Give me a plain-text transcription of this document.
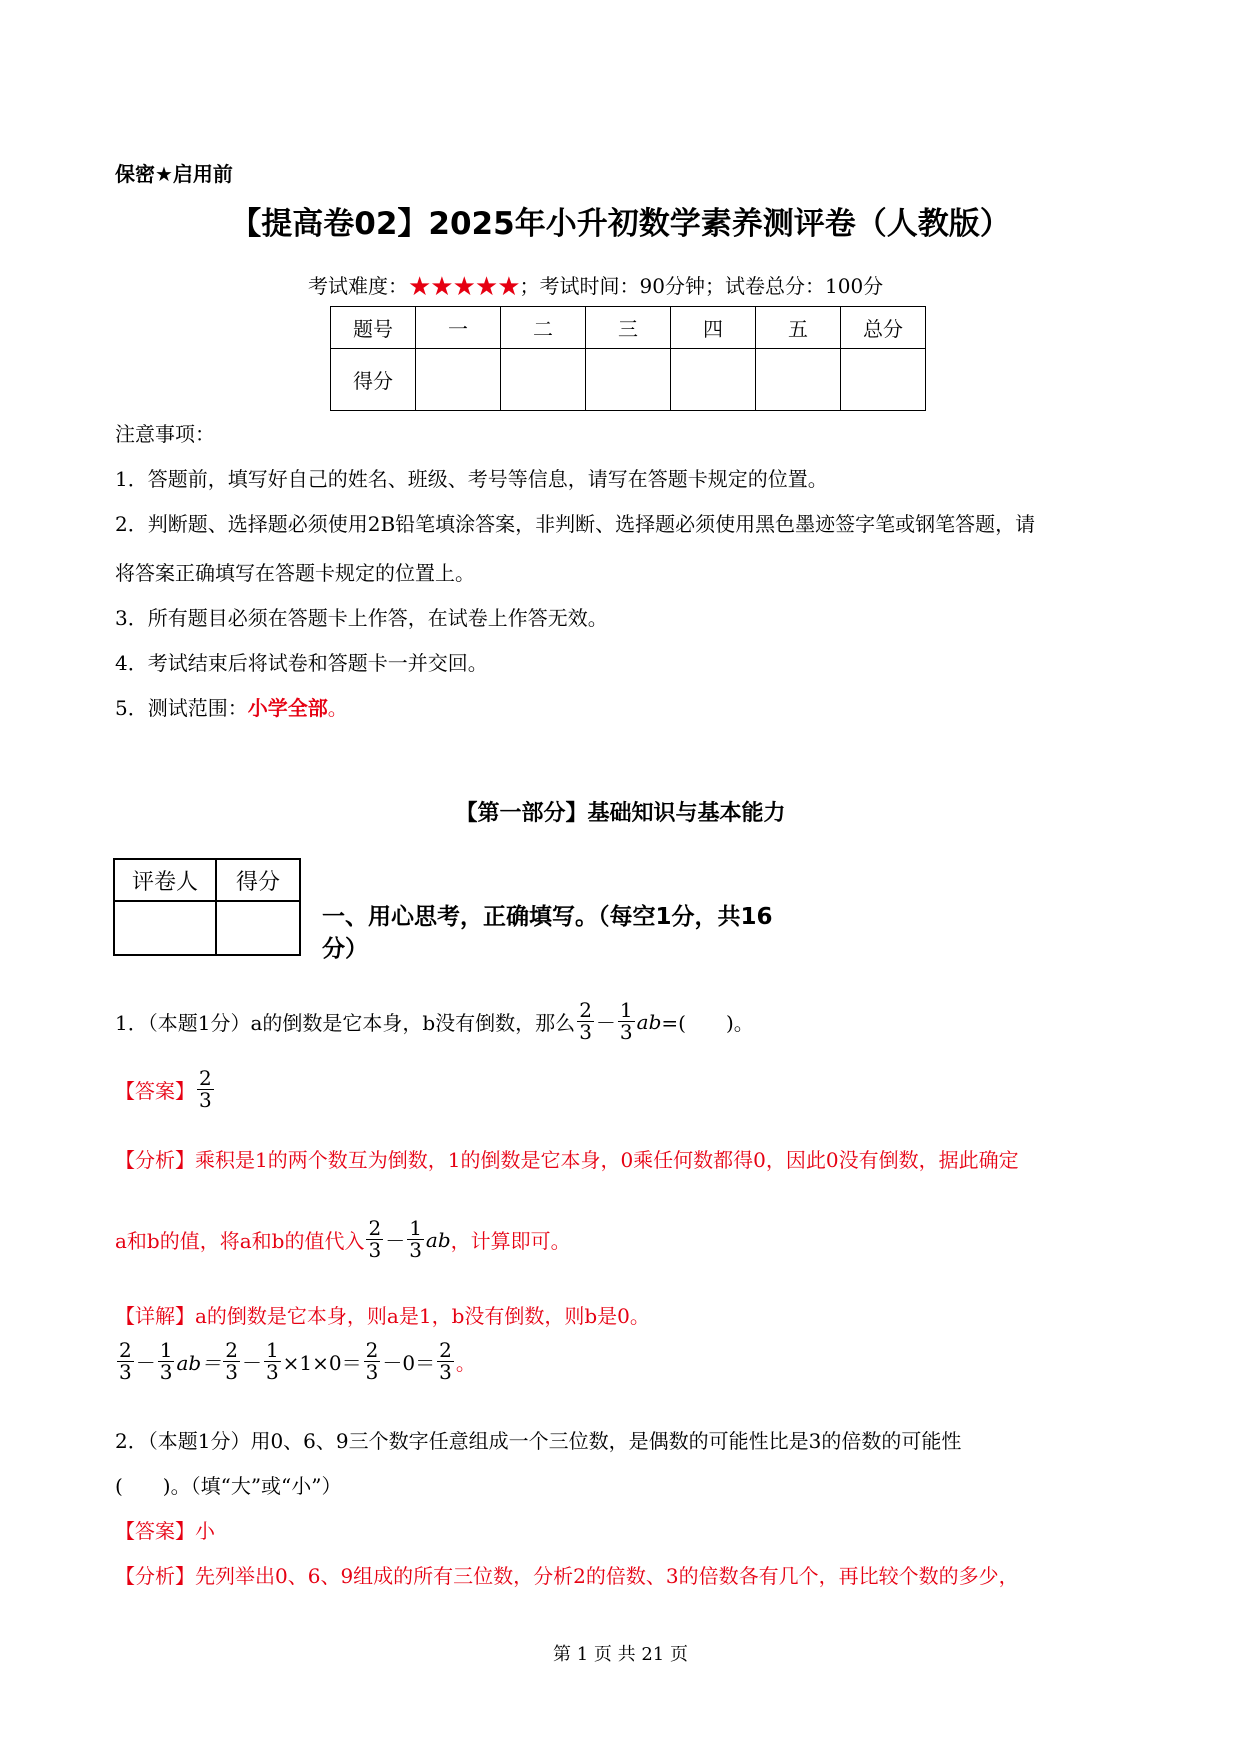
保密★启用前
【提高卷02】2025年小升初数学素养测评卷（人教版）
考试难度：★★★★★；考试时间：90分钟；试卷总分：100分
题号	一	二	三	四	五	总分
得分						
注意事项：
1．答题前，填写好自己的姓名、班级、考号等信息，请写在答题卡规定的位置。
2．判断题、选择题必须使用2B铅笔填涂答案，非判断、选择题必须使用黑色墨迹签字笔或钢笔答题，请
将答案正确填写在答题卡规定的位置上。
3．所有题目必须在答题卡上作答，在试卷上作答无效。
4．考试结束后将试卷和答题卡一并交回。
5．测试范围：小学全部。
【第一部分】基础知识与基本能力
评卷人	得分

一、用心思考，正确填写。（每空1分，共16
分）
1．（本题1分）a的倒数是它本身，b没有倒数，那么 $\frac{2}{3} - \frac{1}{3}$ ab =(　　)。
【答案】 $\frac{2}{3}$
【分析】乘积是1的两个数互为倒数，1的倒数是它本身，0乘任何数都得0，因此0没有倒数，据此确定
a和b的值，将a和b的值代入 $\frac{2}{3} - \frac{1}{3}$ ab ，计算即可。
【详解】a的倒数是它本身，则a是1，b没有倒数，则b是0。
$\frac{2}{3} - \frac{1}{3} ab= \frac{2}{3} - \frac{1}{3} \times 1\times 0= \frac{2}{3} -0= \frac{2}{3}$ 。
2．（本题1分）用0、6、9三个数字任意组成一个三位数，是偶数的可能性比是3的倍数的可能性
(　　)。（填“大”或“小”）
【答案】小
【分析】先列举出0、6、9组成的所有三位数，分析2的倍数、3的倍数各有几个，再比较个数的多少，
第 1 页 共 21 页
